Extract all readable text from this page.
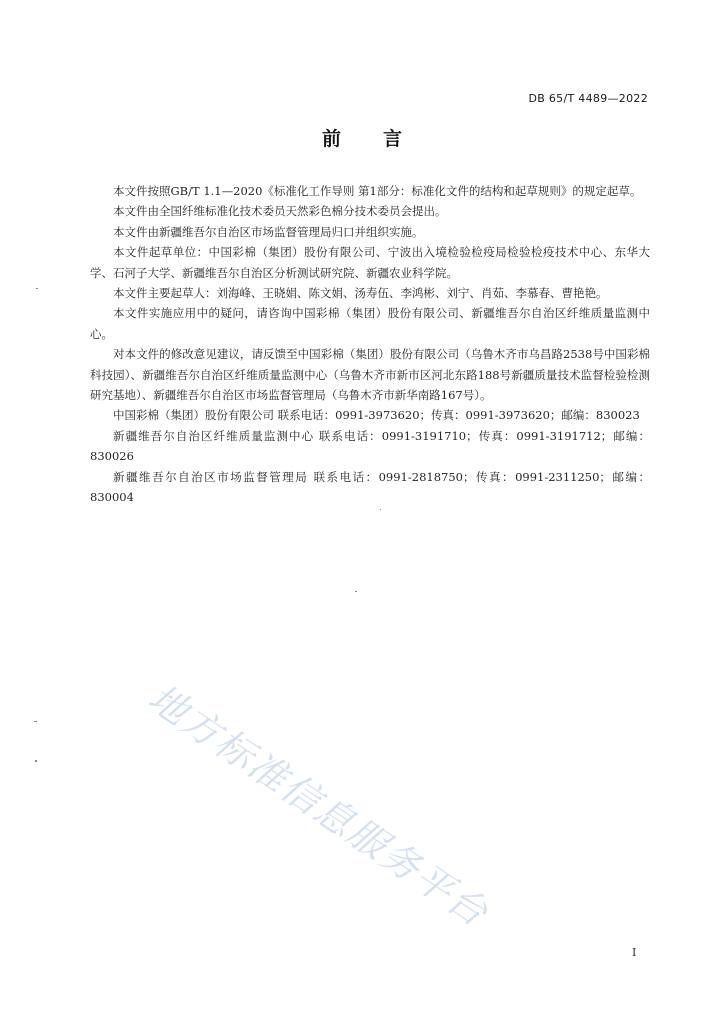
DB 65/T 4489—2022
前言

本文件按照GB/T 1.1—2020《标准化工作导则 第1部分：标准化文件的结构和起草规则》的规定起草。

本文件由全国纤维标准化技术委员天然彩色棉分技术委员会提出。

本文件由新疆维吾尔自治区市场监督管理局归口并组织实施。

本文件起草单位：中国彩棉（集团）股份有限公司、宁波出入境检验检疫局检验检疫技术中心、东华大学、石河子大学、新疆维吾尔自治区分析测试研究院、新疆农业科学院。

本文件主要起草人：刘海峰、王晓娟、陈文娟、汤寿伍、李鸿彬、刘宁、肖茹、李慕春、曹艳艳。

本文件实施应用中的疑问，请咨询中国彩棉（集团）股份有限公司、新疆维吾尔自治区纤维质量监测中心。

对本文件的修改意见建议，请反馈至中国彩棉（集团）股份有限公司（乌鲁木齐市乌昌路2538号中国彩棉科技园）、新疆维吾尔自治区纤维质量监测中心（乌鲁木齐市新市区河北东路188号新疆质量技术监督检验检测研究基地）、新疆维吾尔自治区市场监督管理局（乌鲁木齐市新华南路167号）。

中国彩棉（集团）股份有限公司 联系电话：0991-3973620；传真：0991-3973620；邮编：830023

新疆维吾尔自治区纤维质量监测中心 联系电话：0991-3191710；传真：0991-3191712；邮编：830026

新疆维吾尔自治区市场监督管理局 联系电话：0991-2818750；传真：0991-2311250；邮编：830004

地方标准信息服务平台
I
